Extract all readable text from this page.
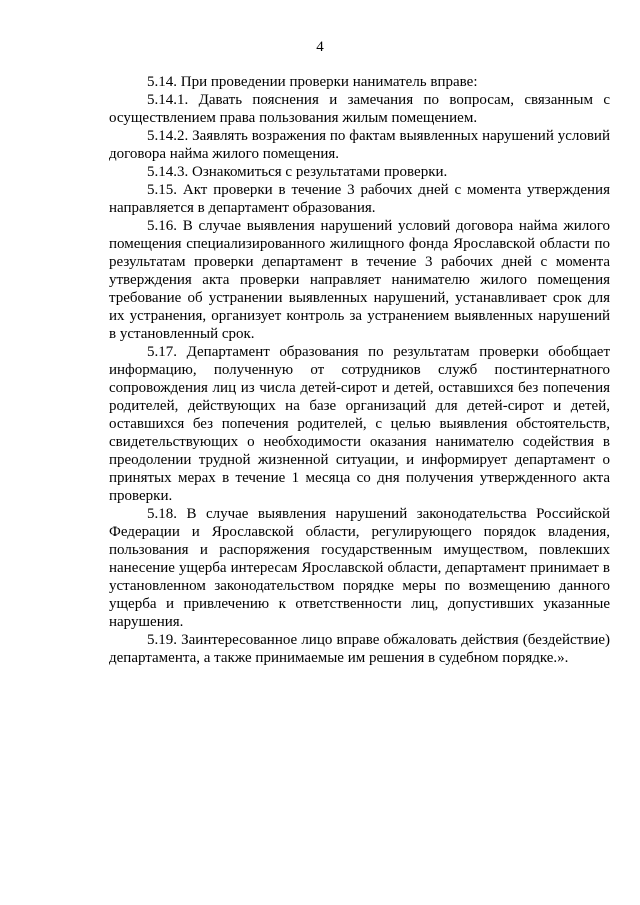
4

5.14. При проведении проверки наниматель вправе:

5.14.1. Давать пояснения и замечания по вопросам, связанным с осуществлением права пользования жилым помещением.

5.14.2. Заявлять возражения по фактам выявленных нарушений условий договора найма жилого помещения.

5.14.3. Ознакомиться с результатами проверки.

5.15. Акт проверки в течение 3 рабочих дней с момента утверждения направляется в департамент образования.

5.16. В случае выявления нарушений условий договора найма жилого помещения специализированного жилищного фонда Ярославской области по результатам проверки департамент в течение 3 рабочих дней с момента утверждения акта проверки направляет нанимателю жилого помещения требование об устранении выявленных нарушений, устанавливает срок для их устранения, организует контроль за устранением выявленных нарушений в установленный срок.

5.17. Департамент образования по результатам проверки обобщает информацию, полученную от сотрудников служб постинтернатного сопровождения лиц из числа детей-сирот и детей, оставшихся без попечения родителей, действующих на базе организаций для детей-сирот и детей, оставшихся без попечения родителей, с целью выявления обстоятельств, свидетельствующих о необходимости оказания нанимателю содействия в преодолении трудной жизненной ситуации, и информирует департамент о принятых мерах в течение 1 месяца со дня получения утвержденного акта проверки.

5.18. В случае выявления нарушений законодательства Российской Федерации и Ярославской области, регулирующего порядок владения, пользования и распоряжения государственным имуществом, повлекших нанесение ущерба интересам Ярославской области, департамент принимает в установленном законодательством порядке меры по возмещению данного ущерба и привлечению к ответственности лиц, допустивших указанные нарушения.

5.19. Заинтересованное лицо вправе обжаловать действия (бездействие) департамента, а также принимаемые им решения в судебном порядке.».
